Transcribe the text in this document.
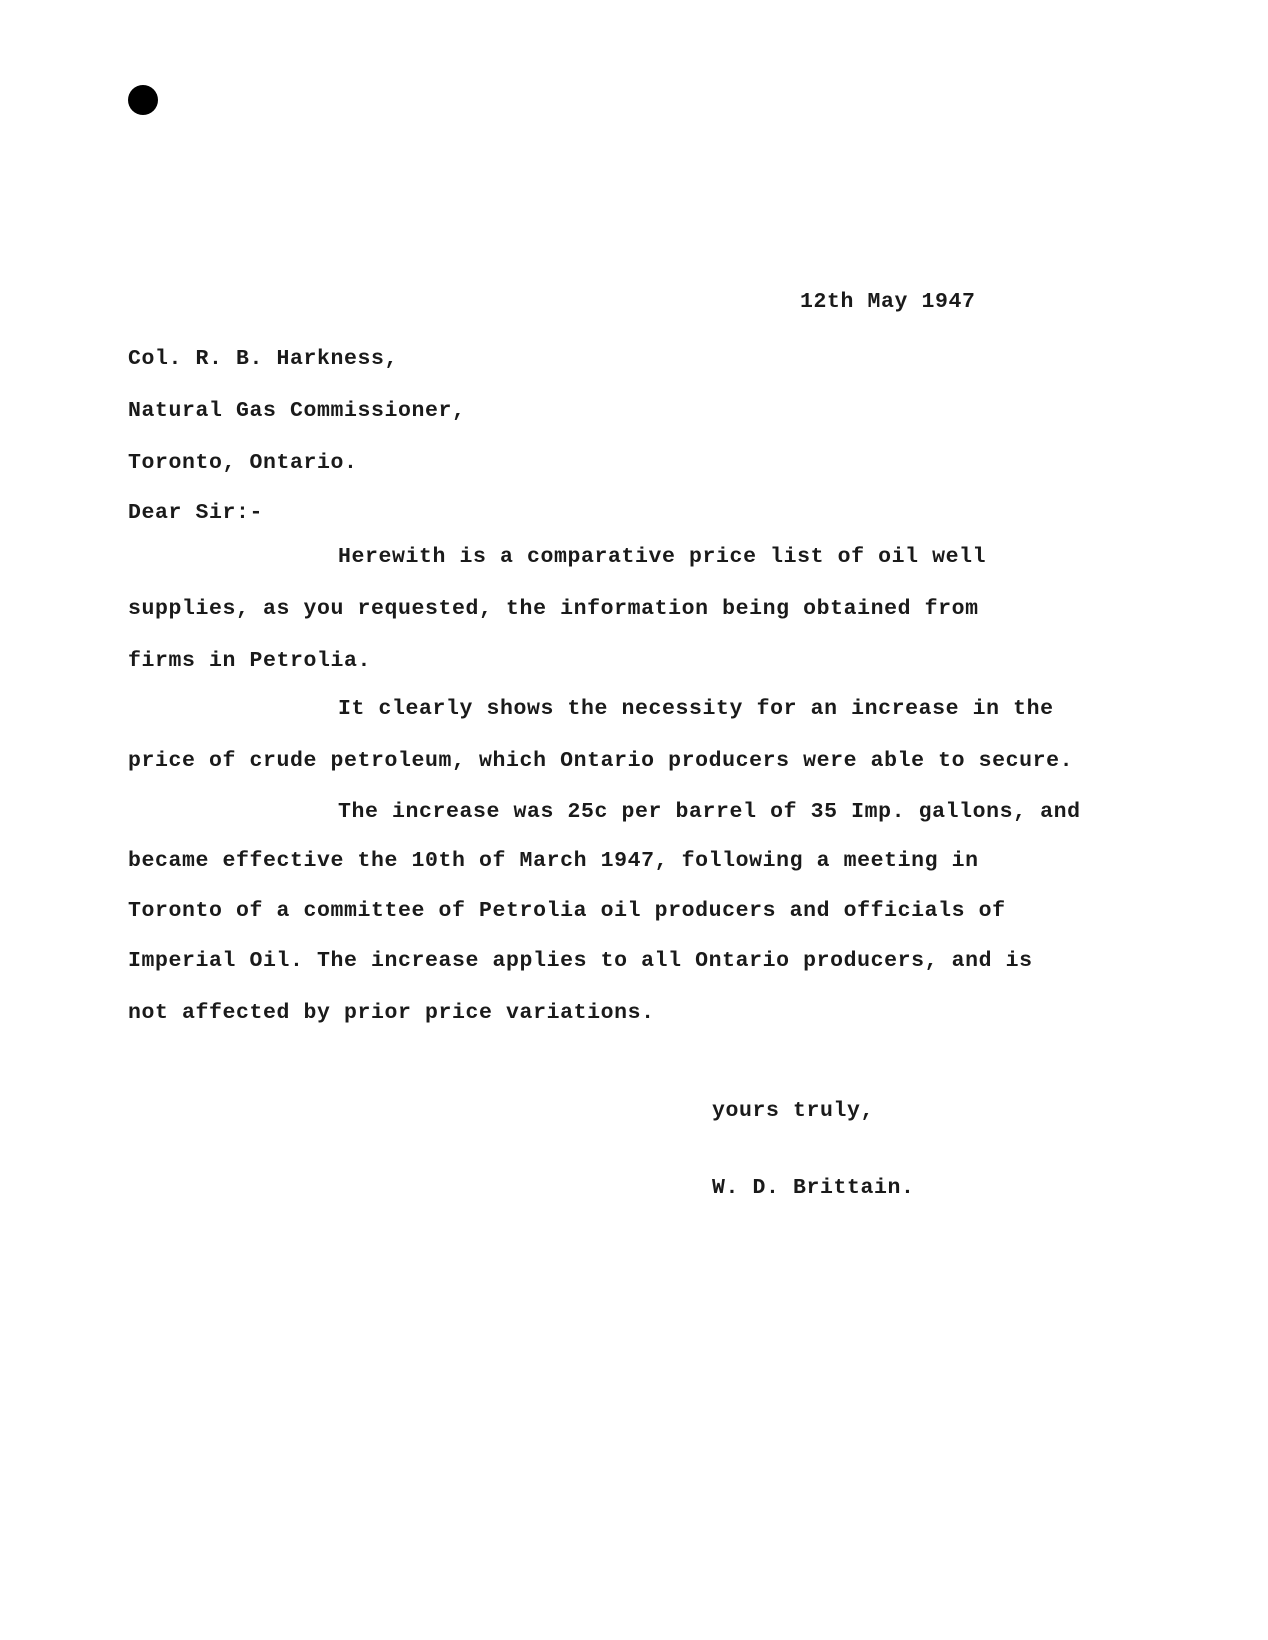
12th May 1947
Col. R. B. Harkness,
Natural Gas Commissioner,
Toronto, Ontario.
Dear Sir:-
Herewith is a comparative price list of oil well
supplies, as you requested, the information being obtained from
firms in Petrolia.
It clearly shows the necessity for an increase in the
price of crude petroleum, which Ontario producers were able to secure.
The increase was 25c per barrel of 35 Imp. gallons, and
became effective the 10th of March 1947, following a meeting in
Toronto of a committee of Petrolia oil producers and officials of
Imperial Oil. The increase applies to all Ontario producers, and is
not affected by prior price variations.
yours truly,
W. D. Brittain.
